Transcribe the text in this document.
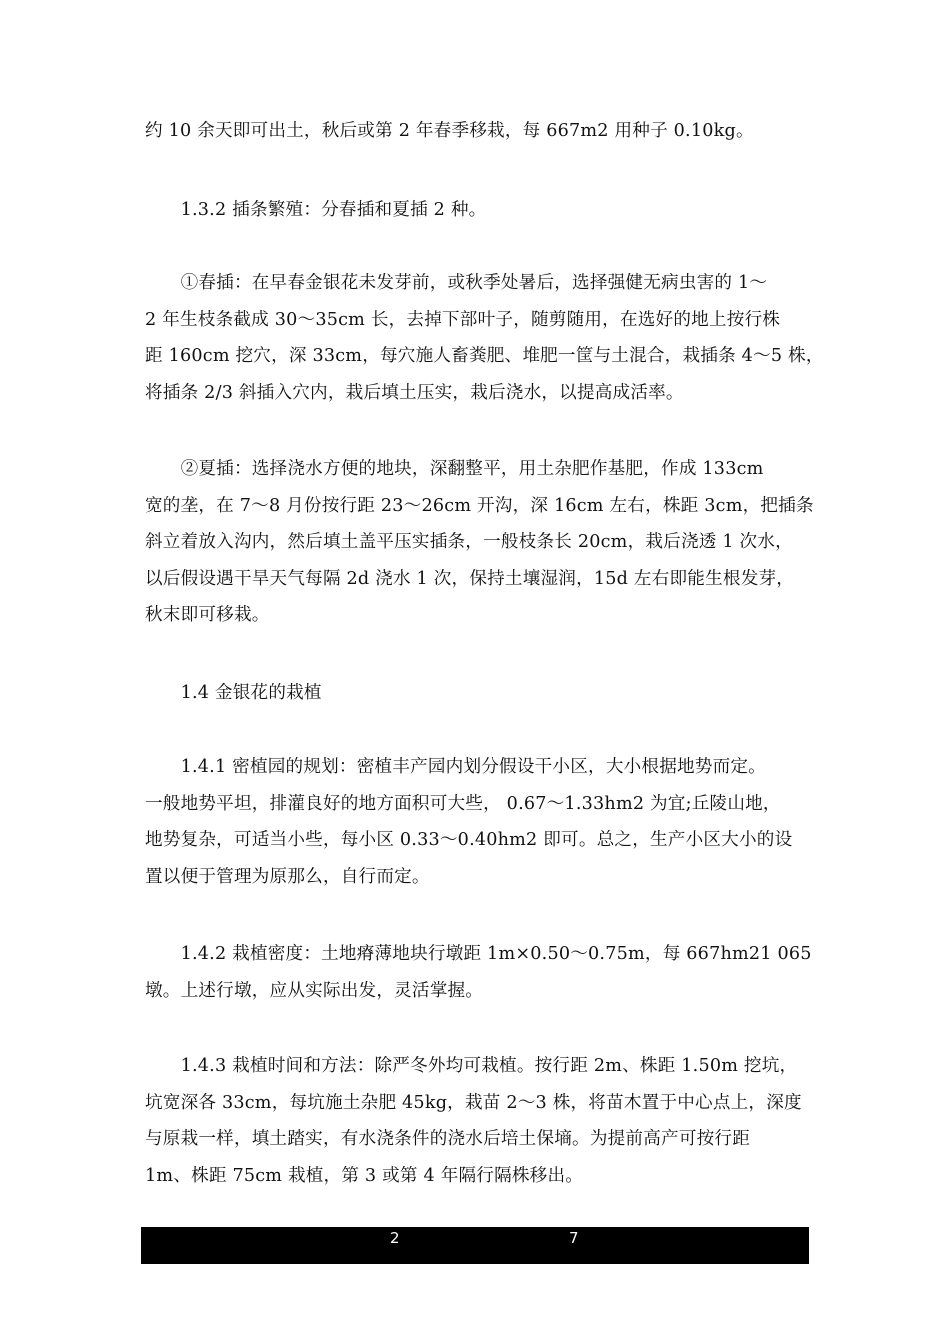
约 10 余天即可出土，秋后或第 2 年春季移栽，每 667m2 用种子 0.10kg。
　　1.3.2 插条繁殖：分春插和夏插 2 种。
　　①春插：在早春金银花未发芽前，或秋季处暑后，选择强健无病虫害的 1～
2 年生枝条截成 30～35cm 长，去掉下部叶子，随剪随用，在选好的地上按行株
距 160cm 挖穴，深 33cm，每穴施人畜粪肥、堆肥一筐与土混合，栽插条 4～5 株，
将插条 2/3 斜插入穴内，栽后填土压实，栽后浇水，以提高成活率。
　　②夏插：选择浇水方便的地块，深翻整平，用土杂肥作基肥，作成 133cm
宽的垄，在 7～8 月份按行距 23～26cm 开沟，深 16cm 左右，株距 3cm，把插条
斜立着放入沟内，然后填土盖平压实插条，一般枝条长 20cm，栽后浇透 1 次水，
以后假设遇干旱天气每隔 2d 浇水 1 次，保持土壤湿润，15d 左右即能生根发芽，
秋末即可移栽。
　　1.4 金银花的栽植
　　1.4.1 密植园的规划：密植丰产园内划分假设干小区，大小根据地势而定。
一般地势平坦，排灌良好的地方面积可大些， 0.67～1.33hm2 为宜;丘陵山地，
地势复杂，可适当小些，每小区 0.33～0.40hm2 即可。总之，生产小区大小的设
置以便于管理为原那么，自行而定。
　　1.4.2 栽植密度：土地瘠薄地块行墩距 1m×0.50～0.75m，每 667hm21 065
墩。上述行墩，应从实际出发，灵活掌握。
　　1.4.3 栽植时间和方法：除严冬外均可栽植。按行距 2m、株距 1.50m 挖坑，
坑宽深各 33cm，每坑施土杂肥 45kg，栽苗 2～3 株，将苗木置于中心点上，深度
与原栽一样，填土踏实，有水浇条件的浇水后培土保墒。为提前高产可按行距
1m、株距 75cm 栽植，第 3 或第 4 年隔行隔株移出。
2	7
